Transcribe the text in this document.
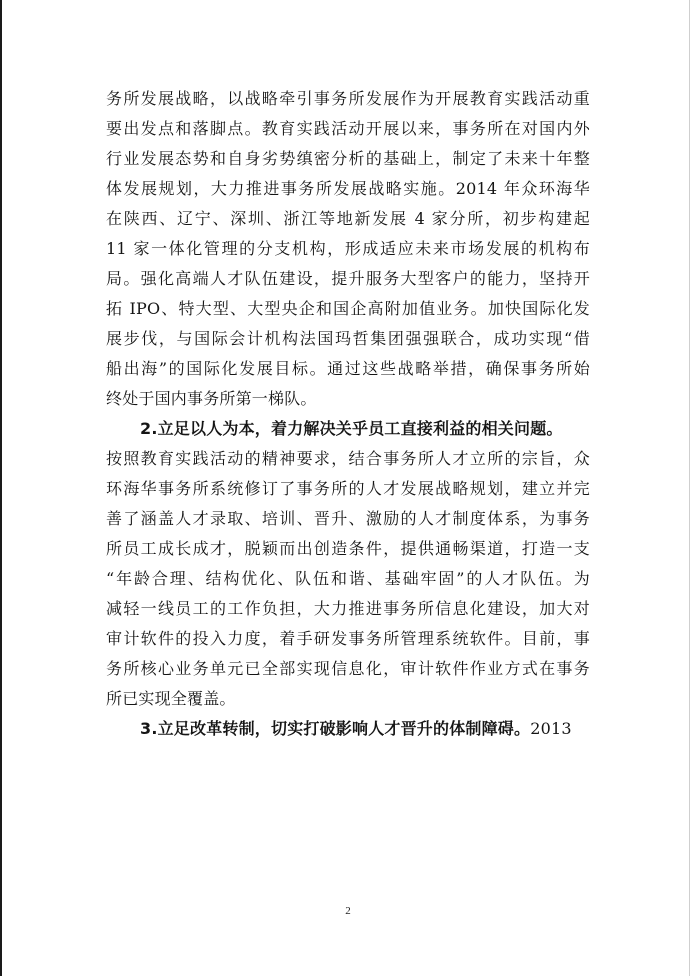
务所发展战略，以战略牵引事务所发展作为开展教育实践活动重
要出发点和落脚点。教育实践活动开展以来，事务所在对国内外
行业发展态势和自身劣势缜密分析的基础上，制定了未来十年整
体发展规划，大力推进事务所发展战略实施。2014 年众环海华
在陕西、辽宁、深圳、浙江等地新发展 4 家分所，初步构建起
11 家一体化管理的分支机构，形成适应未来市场发展的机构布
局。强化高端人才队伍建设，提升服务大型客户的能力，坚持开
拓 IPO、特大型、大型央企和国企高附加值业务。加快国际化发
展步伐，与国际会计机构法国玛哲集团强强联合，成功实现“借
船出海”的国际化发展目标。通过这些战略举措，确保事务所始
终处于国内事务所第一梯队。
2.立足以人为本，着力解决关乎员工直接利益的相关问题。
按照教育实践活动的精神要求，结合事务所人才立所的宗旨，众
环海华事务所系统修订了事务所的人才发展战略规划，建立并完
善了涵盖人才录取、培训、晋升、激励的人才制度体系，为事务
所员工成长成才，脱颖而出创造条件，提供通畅渠道，打造一支
“年龄合理、结构优化、队伍和谐、基础牢固”的人才队伍。为
减轻一线员工的工作负担，大力推进事务所信息化建设，加大对
审计软件的投入力度，着手研发事务所管理系统软件。目前，事
务所核心业务单元已全部实现信息化，审计软件作业方式在事务
所已实现全覆盖。
3.立足改革转制，切实打破影响人才晋升的体制障碍。2013
2
